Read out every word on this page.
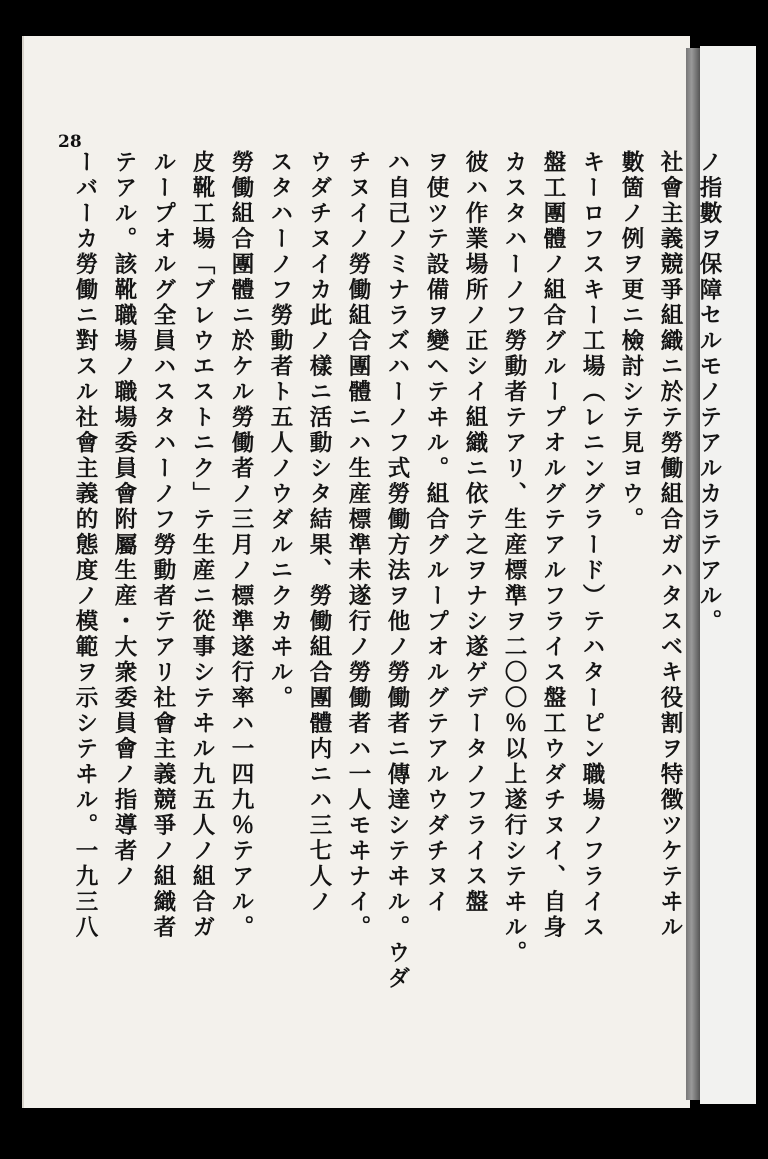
28
ノ指數ヲ保障セルモノテアルカラテアル。
社會主義競爭組織ニ於テ勞働組合ガハタスベキ役割ヲ特徴ツケテヰル
數箇ノ例ヲ更ニ檢討シテ見ヨウ。
キーロフスキー工場（レニングラード）テハターピン職場ノフライス
盤工團體ノ組合グループオルグテアルフライス盤工ウダチヌイ、自身
カスタハーノフ勞動者テアリ、生産標準ヲ二〇〇％以上遂行シテヰル。
彼ハ作業場所ノ正シイ組織ニ依テ之ヲナシ遂ゲデータノフライス盤
ヲ使ツテ設備ヲ變ヘテヰル。組合グループオルグテアルウダチヌイ
ハ自己ノミナラズハーノフ式勞働方法ヲ他ノ勞働者ニ傳達シテヰル。ウダ
チヌイノ勞働組合團體ニハ生産標準未遂行ノ勞働者ハ一人モヰナイ。
ウダチヌイカ此ノ樣ニ活動シタ結果、勞働組合團體内ニハ三七人ノ
スタハーノフ勞動者ト五人ノウダルニクカヰル。
勞働組合團體ニ於ケル勞働者ノ三月ノ標準遂行率ハ一四九％テアル。
皮靴工場「ブレウエストニク」テ生産ニ從事シテヰル九五人ノ組合ガ
ループオルグ全員ハスタハーノフ勞動者テアリ社會主義競爭ノ組織者
テアル。該靴職場ノ職場委員會附屬生産・大衆委員會ノ指導者ノ
ーバーカ勞働ニ對スル社會主義的態度ノ模範ヲ示シテヰル。一九三八
